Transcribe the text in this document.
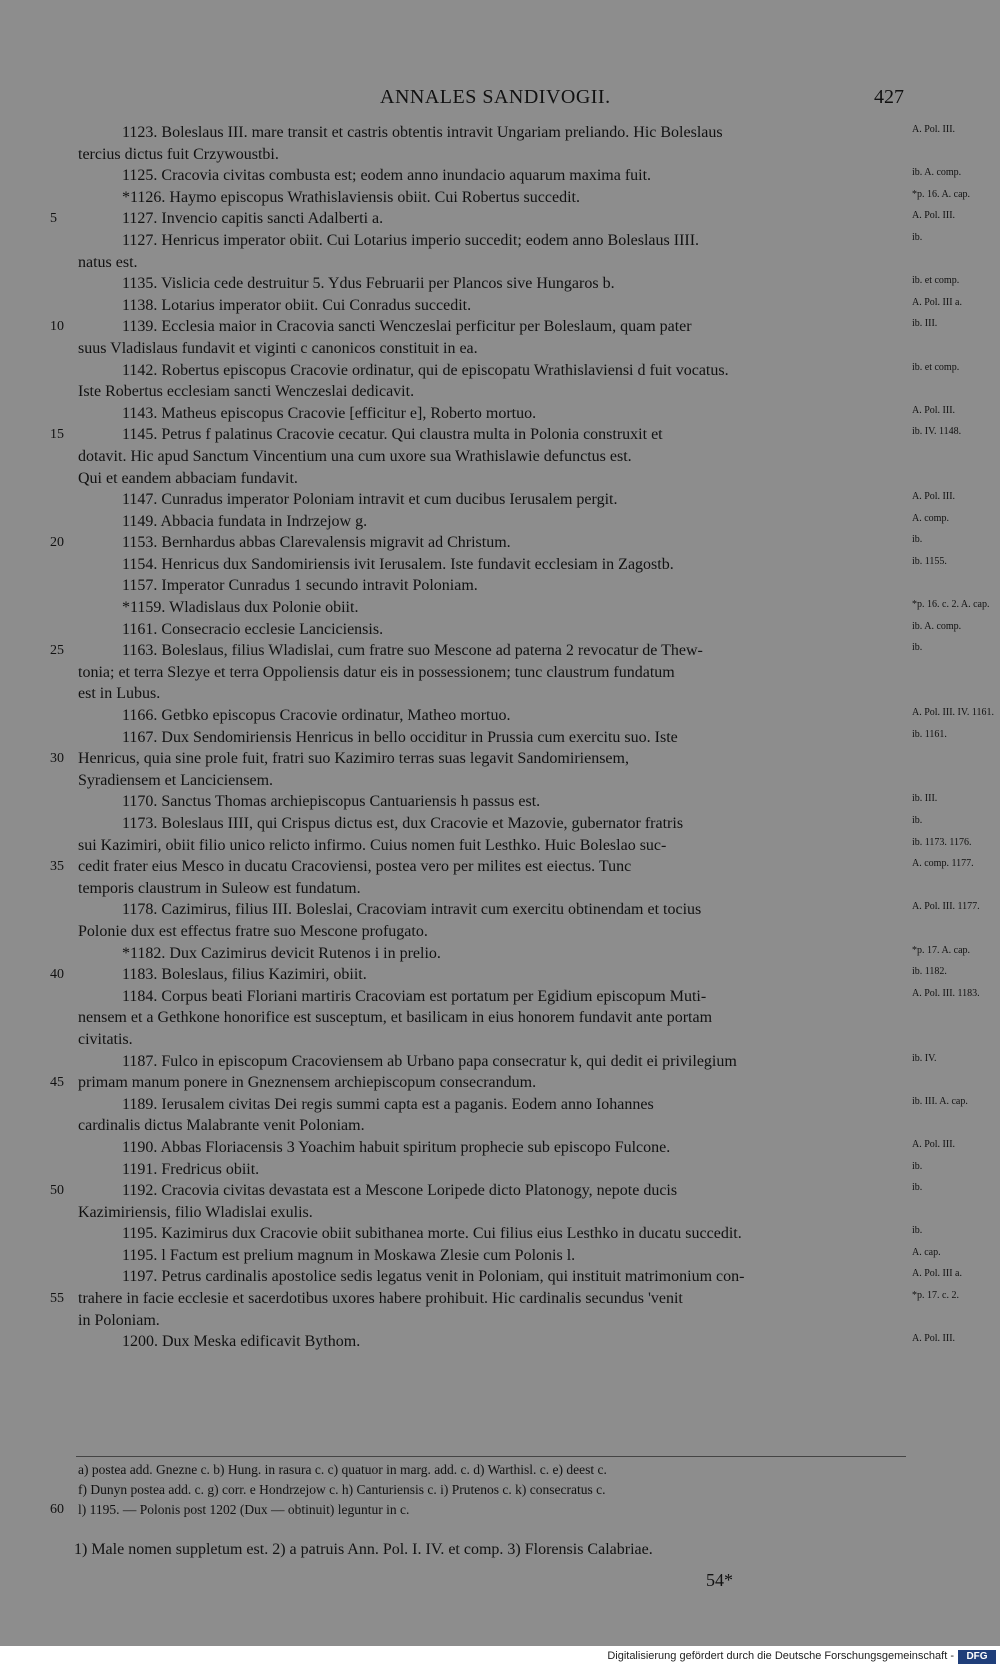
ANNALES SANDIVOGII.	427
1123. Boleslaus III. mare transit et castris obtentis intravit Ungariam preliando. Hic Boleslaus	A. Pol. III.
tercius dictus fuit Crzywoustbi.
1125. Cracovia civitas combusta est; eodem anno inundacio aquarum maxima fuit.	ib. A. comp.
*1126. Haymo episcopus Wrathislaviensis obiit. Cui Robertus succedit.	*p. 16. A. cap.
5	1127. Invencio capitis sancti Adalberti a.	A. Pol. III.
1127. Henricus imperator obiit. Cui Lotarius imperio succedit; eodem anno Boleslaus IIII.	ib.
natus est.
1135. Vislicia cede destruitur 5. Ydus Februarii per Plancos sive Hungaros b.	ib. et comp.
1138. Lotarius imperator obiit. Cui Conradus succedit.	A. Pol. III a.
10	1139. Ecclesia maior in Cracovia sancti Wenczeslai perficitur per Boleslaum, quam pater	ib. III.
suus Vladislaus fundavit et viginti c canonicos constituit in ea.
1142. Robertus episcopus Cracovie ordinatur, qui de episcopatu Wrathislaviensi d fuit vocatus.	ib. et comp.
Iste Robertus ecclesiam sancti Wenczeslai dedicavit.
1143. Matheus episcopus Cracovie [efficitur e], Roberto mortuo.	A. Pol. III.
15	1145. Petrus f palatinus Cracovie cecatur. Qui claustra multa in Polonia construxit et	ib. IV. 1148.
dotavit. Hic apud Sanctum Vincentium una cum uxore sua Wrathislawie defunctus est.
Qui et eandem abbaciam fundavit.
1147. Cunradus imperator Poloniam intravit et cum ducibus Ierusalem pergit.	A. Pol. III.
1149. Abbacia fundata in Indrzejow g.	A. comp.
20	1153. Bernhardus abbas Clarevalensis migravit ad Christum.	ib.
1154. Henricus dux Sandomiriensis ivit Ierusalem. Iste fundavit ecclesiam in Zagostb.	ib. 1155.
1157. Imperator Cunradus 1 secundo intravit Poloniam.
*1159. Wladislaus dux Polonie obiit.	*p. 16. c. 2. A. cap.
1161. Consecracio ecclesie Lanciciensis.	ib. A. comp.
25	1163. Boleslaus, filius Wladislai, cum fratre suo Mescone ad paterna 2 revocatur de Thew-	ib.
tonia; et terra Slezye et terra Oppoliensis datur eis in possessionem; tunc claustrum fundatum
est in Lubus.
1166. Getbko episcopus Cracovie ordinatur, Matheo mortuo.	A. Pol. III. IV. 1161.
1167. Dux Sendomiriensis Henricus in bello occiditur in Prussia cum exercitu suo. Iste	ib. 1161.
30 Henricus, quia sine prole fuit, fratri suo Kazimiro terras suas legavit Sandomiriensem,
Syradiensem et Lanciciensem.
1170. Sanctus Thomas archiepiscopus Cantuariensis h passus est.	ib. III.
1173. Boleslaus IIII, qui Crispus dictus est, dux Cracovie et Mazovie, gubernator fratris	ib.
sui Kazimiri, obiit filio unico relicto infirmo. Cuius nomen fuit Lesthko. Huic Boleslao suc-	ib. 1173. 1176.
35 cedit frater eius Mesco in ducatu Cracoviensi, postea vero per milites est eiectus. Tunc	A. comp. 1177.
temporis claustrum in Suleow est fundatum.
1178. Cazimirus, filius III. Boleslai, Cracoviam intravit cum exercitu obtinendam et tocius	A. Pol. III. 1177.
Polonie dux est effectus fratre suo Mescone profugato.
*1182. Dux Cazimirus devicit Rutenos i in prelio.	*p. 17. A. cap.
40	1183. Boleslaus, filius Kazimiri, obiit.	ib. 1182.
1184. Corpus beati Floriani martiris Cracoviam est portatum per Egidium episcopum Muti-	A. Pol. III. 1183.
nensem et a Gethkone honorifice est susceptum, et basilicam in eius honorem fundavit ante portam
civitatis.
1187. Fulco in episcopum Cracoviensem ab Urbano papa consecratur k, qui dedit ei privilegium	ib. IV.
45 primam manum ponere in Gneznensem archiepiscopum consecrandum.
1189. Ierusalem civitas Dei regis summi capta est a paganis. Eodem anno Iohannes	ib. III. A. cap.
cardinalis dictus Malabrante venit Poloniam.
1190. Abbas Floriacensis 3 Yoachim habuit spiritum prophecie sub episcopo Fulcone.	A. Pol. III.
1191. Fredricus obiit.	ib.
50	1192. Cracovia civitas devastata est a Mescone Loripede dicto Platonogy, nepote ducis	ib.
Kazimiriensis, filio Wladislai exulis.
1195. Kazimirus dux Cracovie obiit subithanea morte. Cui filius eius Lesthko in ducatu succedit.	ib.
1195. l Factum est prelium magnum in Moskawa Zlesie cum Polonis l.	A. cap.
1197. Petrus cardinalis apostolice sedis legatus venit in Poloniam, qui instituit matrimonium con-	A. Pol. III a.
55 trahere in facie ecclesie et sacerdotibus uxores habere prohibuit. Hic cardinalis secundus 'venit	*p. 17. c. 2.
in Poloniam.
1200. Dux Meska edificavit Bythom.	A. Pol. III.
a) postea add. Gnezne c. b) Hung. in rasura c. c) quatuor in marg. add. c. d) Warthisl. c. e) deest c.
f) Dunyn postea add. c. g) corr. e Hondrzejow c. h) Canturiensis c. i) Prutenos c. k) consecratus c.
60 l) 1195. — Polonis post 1202 (Dux — obtinuit) leguntur in c.
1) Male nomen suppletum est. 2) a patruis Ann. Pol. I. IV. et comp. 3) Florensis Calabriae.
54*
Digitalisierung gefördert durch die Deutsche Forschungsgemeinschaft -	DFG
